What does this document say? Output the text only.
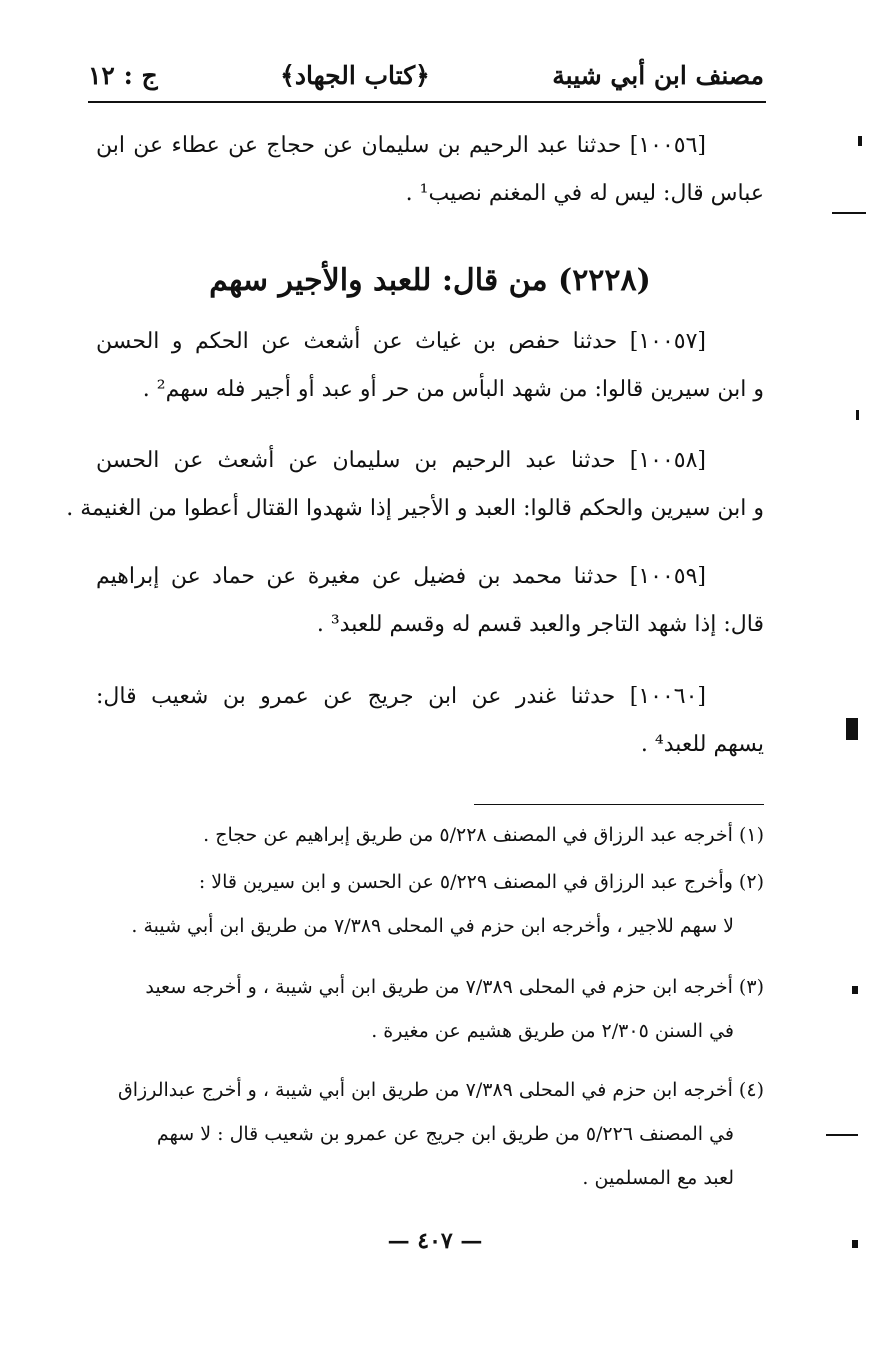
مصنف ابن أبي شيبة
﴿كتاب الجهاد﴾
ج : ١٢
[١٠٠٥٦] حدثنا عبد الرحيم بن سليمان عن حجاج عن عطاء عن ابن
عباس قال: ليس له في المغنم نصيب¹ .
(٢٢٢٨) من قال: للعبد والأجير سهم
[١٠٠٥٧] حدثنا حفص بن غياث عن أشعث عن الحكم و الحسن
و ابن سيرين قالوا: من شهد البأس من حر أو عبد أو أجير فله سهم² .
[١٠٠٥٨] حدثنا عبد الرحيم بن سليمان عن أشعث عن الحسن
و ابن سيرين والحكم قالوا: العبد و الأجير إذا شهدوا القتال أعطوا من الغنيمة .
[١٠٠٥٩] حدثنا محمد بن فضيل عن مغيرة عن حماد عن إبراهيم
قال: إذا شهد التاجر والعبد قسم له وقسم للعبد³ .
[١٠٠٦٠] حدثنا غندر عن ابن جريج عن عمرو بن شعيب قال:
يسهم للعبد⁴ .
(١) أخرجه عبد الرزاق في المصنف ٥/٢٢٨ من طريق إبراهيم عن حجاج .
(٢) وأخرج عبد الرزاق في المصنف ٥/٢٢٩ عن الحسن و ابن سيرين قالا :
لا سهم للاجير ، وأخرجه ابن حزم في المحلى ٧/٣٨٩ من طريق ابن أبي شيبة .
(٣) أخرجه ابن حزم في المحلى ٧/٣٨٩ من طريق ابن أبي شيبة ، و أخرجه سعيد
في السنن ٢/٣٠٥ من طريق هشيم عن مغيرة .
(٤) أخرجه ابن حزم في المحلى ٧/٣٨٩ من طريق ابن أبي شيبة ، و أخرج عبدالرزاق
في المصنف ٥/٢٢٦ من طريق ابن جريج عن عمرو بن شعيب قال : لا سهم
لعبد مع المسلمين .
— ٤٠٧ —
